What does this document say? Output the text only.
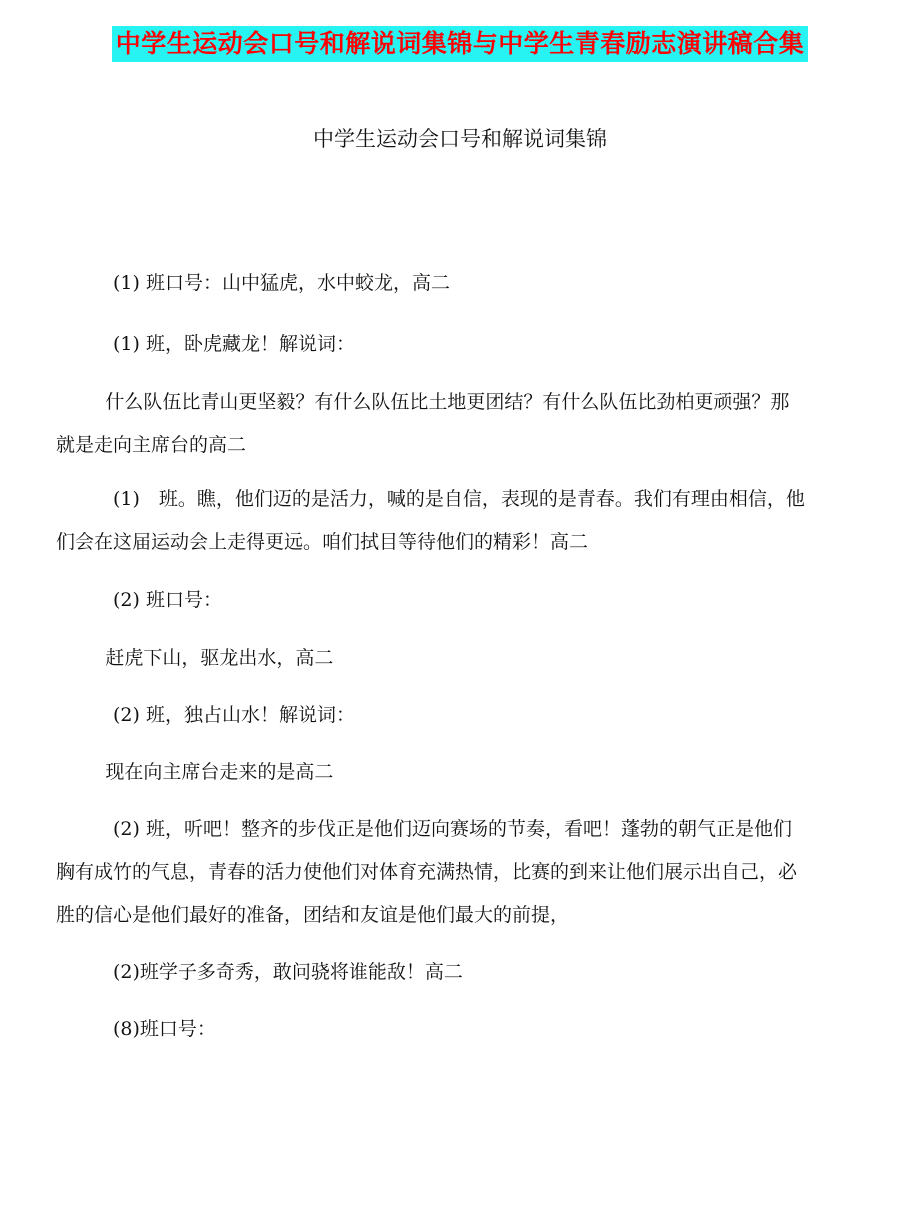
中学生运动会口号和解说词集锦与中学生青春励志演讲稿合集
中学生运动会口号和解说词集锦

(1) 班口号：山中猛虎，水中蛟龙，高二

(1) 班，卧虎藏龙！解说词：

什么队伍比青山更坚毅？有什么队伍比土地更团结？有什么队伍比劲柏更顽强？那就是走向主席台的高二

(1)　班。瞧，他们迈的是活力，喊的是自信，表现的是青春。我们有理由相信，他们会在这届运动会上走得更远。咱们拭目等待他们的精彩！高二

(2) 班口号：

赶虎下山，驱龙出水，高二

(2) 班，独占山水！解说词：

现在向主席台走来的是高二

(2) 班，听吧！整齐的步伐正是他们迈向赛场的节奏，看吧！蓬勃的朝气正是他们胸有成竹的气息，青春的活力使他们对体育充满热情，比赛的到来让他们展示出自己，必胜的信心是他们最好的准备，团结和友谊是他们最大的前提，

(2)班学子多奇秀，敢问骁将谁能敌！高二

(8)班口号：
